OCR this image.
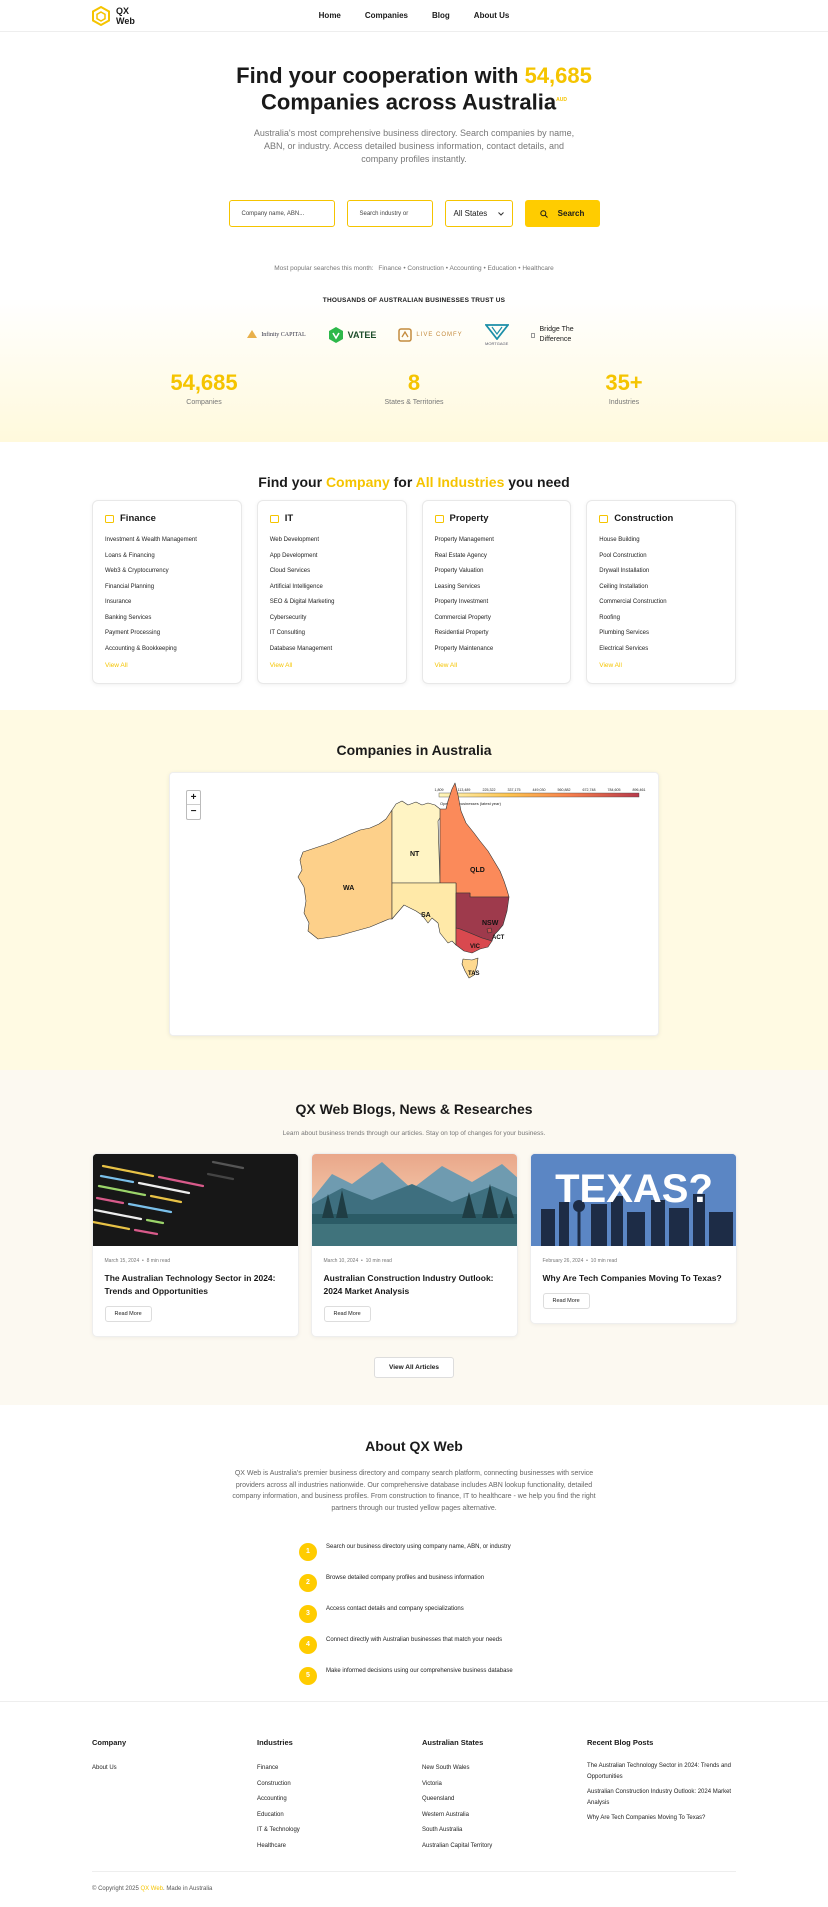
QX
Web	Home	Companies	Blog	About Us
Find your cooperation with 54,685
Companies across Australia$^{AUD}$

Australia's most comprehensive business directory. Search companies by name, ABN, or industry. Access detailed business information, contact details, and company profiles instantly.

Company name, ABN...	Search industry or	All States	Search
Most popular searches this month: Finance • Construction • Accounting • Education • Healthcare
THOUSANDS OF AUSTRALIAN BUSINESSES TRUST US
Infinity CAPITAL	VATEE	LIVE COMFY
MORTGAGE
Bridge The Difference
54,685
Companies
8
States & Territories
35+
Industries
Find your Company for All Industries you need
Finance
Investment & Wealth Management
Loans & Financing
Web3 & Cryptocurrency
Financial Planning
Insurance
Banking Services
Payment Processing
Accounting & Bookkeeping
View All
IT
Web Development
App Development
Cloud Services
Artificial Intelligence
SEO & Digital Marketing
Cybersecurity
IT Consulting
Database Management
View All
Property
Property Management
Real Estate Agency
Property Valuation
Leasing Services
Property Investment
Commercial Property
Residential Property
Property Maintenance
View All
Construction
House Building
Pool Construction
Drywall Installation
Ceiling Installation
Commercial Construction
Roofing
Plumbing Services
Electrical Services
View All
Companies in Australia
+
−
1,809	113,489	225,322	337,175	449,030	560,882	672,748	784,605	896,461
Operating businesses (latest year)
WA
NT
QLD
SA
NSW
ACT
VIC
TAS
QX Web Blogs, News & Researches
Learn about business trends through our articles. Stay on top of changes for your business.
March 15, 2024  •  8 min read
The Australian Technology Sector in 2024: Trends and Opportunities
Read More
March 10, 2024  •  10 min read
Australian Construction Industry Outlook: 2024 Market Analysis
Read More
TEXAS?
February 26, 2024  •  10 min read
Why Are Tech Companies Moving To Texas?
Read More
View All Articles
About QX Web

QX Web is Australia's premier business directory and company search platform, connecting businesses with service providers across all industries nationwide. Our comprehensive database includes ABN lookup functionality, detailed company information, and business profiles. From construction to finance, IT to healthcare - we help you find the right partners through our trusted yellow pages alternative.

1
Search our business directory using company name, ABN, or industry
2
Browse detailed company profiles and business information
3
Access contact details and company specializations
4
Connect directly with Australian businesses that match your needs
5
Make informed decisions using our comprehensive business database
Company
About Us
Industries
Finance
Construction
Accounting
Education
IT & Technology
Healthcare
Australian States
New South Wales
Victoria
Queensland
Western Australia
South Australia
Australian Capital Territory
Recent Blog Posts
The Australian Technology Sector in 2024: Trends and Opportunities
Australian Construction Industry Outlook: 2024 Market Analysis
Why Are Tech Companies Moving To Texas?
© Copyright 2025 QX Web. Made in Australia
